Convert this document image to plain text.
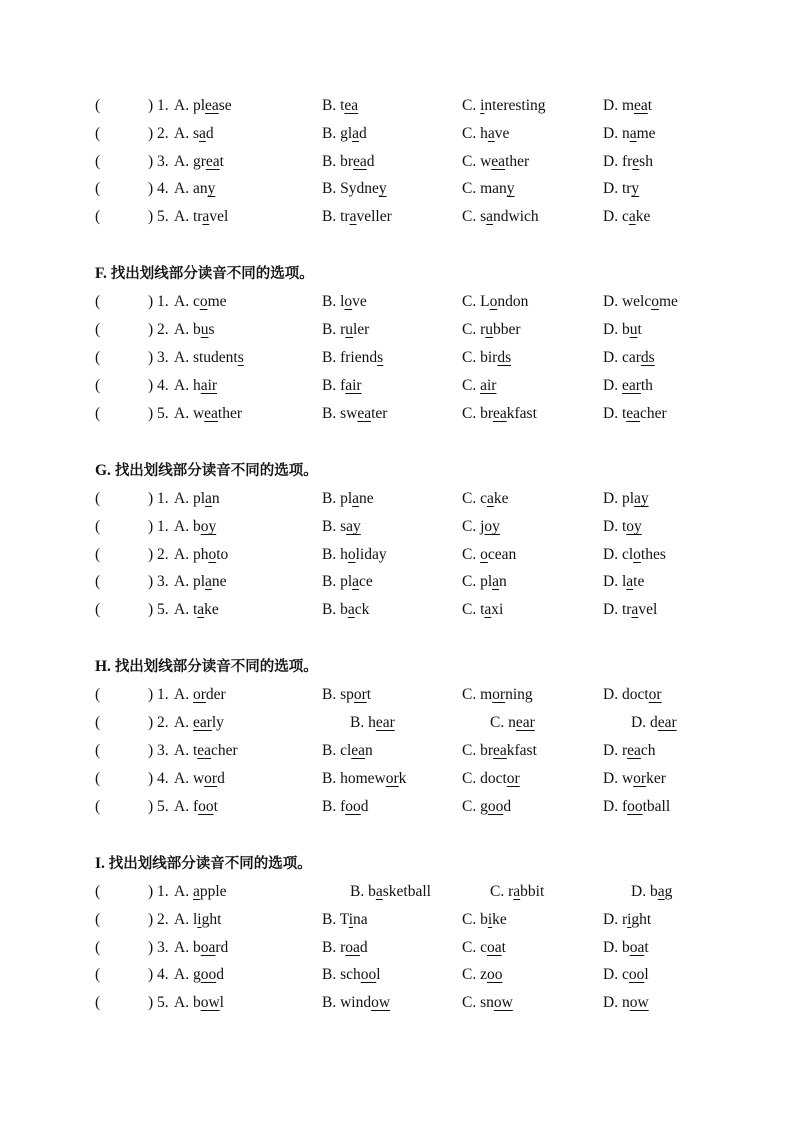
(	) 1. A. please	B. tea	C. interesting	D. meat
(	) 2. A. sad	B. glad	C. have	D. name
(	) 3. A. great	B. bread	C. weather	D. fresh
(	) 4. A. any	B. Sydney	C. many	D. try
(	) 5. A. travel	B. traveller	C. sandwich	D. cake
F. 找出划线部分读音不同的选项。
(	) 1. A. come	B. love	C. London	D. welcome
(	) 2. A. bus	B. ruler	C. rubber	D. but
(	) 3. A. students	B. friends	C. birds	D. cards
(	) 4. A. hair	B. fair	C. air	D. earth
(	) 5. A. weather	B. sweater	C. breakfast	D. teacher
G. 找出划线部分读音不同的选项。
(	) 1. A. plan	B. plane	C. cake	D. play
(	) 1. A. boy	B. say	C. joy	D. toy
(	) 2. A. photo	B. holiday	C. ocean	D. clothes
(	) 3. A. plane	B. place	C. plan	D. late
(	) 5. A. take	B. back	C. taxi	D. travel
H. 找出划线部分读音不同的选项。
(	) 1. A. order	B. sport	C. morning	D. doctor
(	) 2. A. early	B. hear	C. near	D. dear
(	) 3. A. teacher	B. clean	C. breakfast	D. reach
(	) 4. A. word	B. homework	C. doctor	D. worker
(	) 5. A. foot	B. food	C. good	D. football
I. 找出划线部分读音不同的选项。
(	) 1. A. apple	B. basketball	C. rabbit	D. bag
(	) 2. A. light	B. Tina	C. bike	D. right
(	) 3. A. board	B. road	C. coat	D. boat
(	) 4. A. good	B. school	C. zoo	D. cool
(	) 5. A. bowl	B. window	C. snow	D. now
